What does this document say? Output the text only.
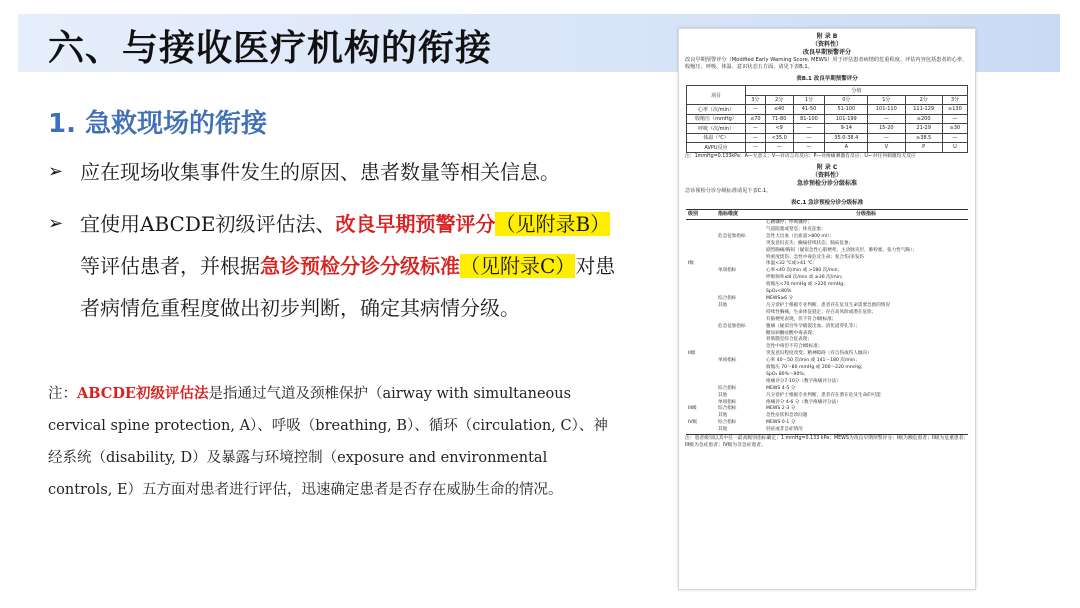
六、与接收医疗机构的衔接
1. 急救现场的衔接
➢ 应在现场收集事件发生的原因、患者数量等相关信息。
➢ 宜使用ABCDE初级评估法、改良早期预警评分（见附录B）等评估患者，并根据急诊预检分诊分级标准（见附录C）对患者病情危重程度做出初步判断，确定其病情分级。
注：ABCDE初级评估法是指通过气道及颈椎保护（airway with simultaneous cervical spine protection, A）、呼吸（breathing, B）、循环（circulation, C）、神经系统（disability, D）及暴露与环境控制（exposure and environmental controls, E）五方面对患者进行评估，迅速确定患者是否存在威胁生命的情况。
附 录 B
（资料性）
改良早期预警评分
改良早期预警评分（Modified Early Warning Score, MEWS）用于评估患者病情的危重程度。评估内容包括患者的心率、收缩压、呼吸、体温、意识状态五方面，请见下表B.1。
表B.1 改良早期预警评分
项目	分值						
	3分	2分	1分	0分	1分	2分	3分
心率（次/min）	—	≤40	41-50	51-100	101-110	111-129	≥130
收缩压（mmHg）	≤70	71-80	81-100	101-199	—	≥200	—
呼吸（次/min）	—	<9	—	9-14	15-20	21-29	≥30
体温（℃）	—	<35.0	—	35.0-38.4	—	≥38.5	—
AVPU反应	—	—	—	A	V	P	U
注：1mmHg=0.133kPa；A—无意义；V—对语言有反应；P—对疼痛刺激有反应；U—对任何刺激均无反应
附 录 C
（资料性）
急诊预检分诊分级标准
急诊预检分诊分级标准请见下表C.1。
表C.1 急诊预检分诊分级标准
级别	指标维度	分级指标

		心跳骤停；呼吸骤停；
气道阻塞或窒息；休克征象；

	危急征象指标	急性大出血（出血量>800 ml）；
突发意识丧失；癫痫持续状态；脑疝征象；
剧烈胸痛/胸闷（疑似急性心肌梗死、主动脉夹层、肺栓塞、张力性气胸）；
特重度烧伤；急性中毒危及生命；复合伤/多发伤

I级		体温<32 ℃或>41 ℃；

	单项指标	心率<40 次/min 或 >180 次/min；
呼吸频率≤8 次/min 或 ≥36 次/min；
收缩压<70 mmHg 或 >220 mmHg；
SpO₂<80%

	综合指标	MEWS≥6 分

	其他	凡分诊护士根据专业判断，患者存在危及生命需要急救的情况

		持续性胸痛，生命体征稳定；存在高风险或潜在危险；
有脑梗死表现，但不符合I级标准；

	危急征象指标	腹痛（疑似宫外孕破裂出血、消化道穿孔等）；
糖尿病酮症酸中毒表现；
骨筋膜室综合征表现；
急性中毒但不符合I级标准；

II级		突发意识程度改变；精神障碍（有自伤或伤人倾向）

	单项指标	心率 40～50 次/min 或 141～180 次/min；
收缩压 70～80 mmHg 或 200～220 mmHg；
SpO₂ 80%～90%；
疼痛评分7-10分（数字疼痛评分法）

	综合指标	MEWS 4-5 分

	其他	凡分诊护士根据专业判断，患者存在潜在危及生命的可能

	单项指标	疼痛评分 4-6 分（数字疼痛评分法）

III级	综合指标	MEWS 2-3 分

	其他	急性症状和急诊问题

IV级	综合指标	MEWS 0-1 分

	其他	轻症或非急症情况
注：患者级别以其中任一最高级别指标确定；1 mmHg=0.133 kPa；MEWS为改良早期预警评分；I级为濒危患者；II级为危重患者；III级为急症患者；IV级为非急症患者。
